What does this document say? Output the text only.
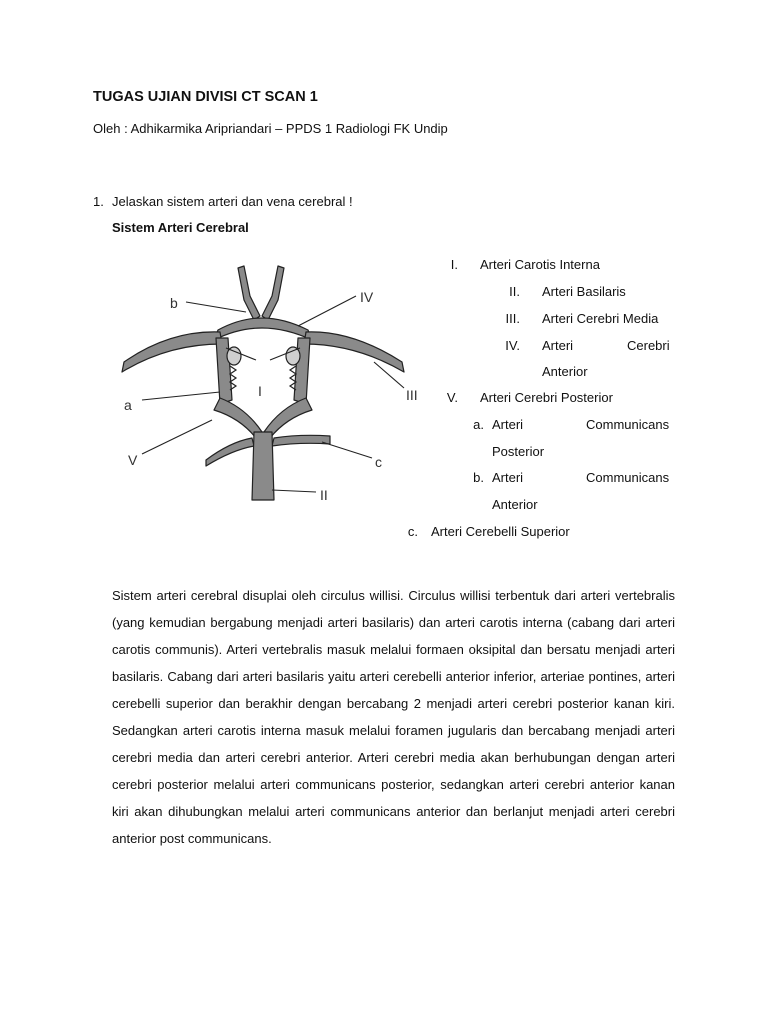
TUGAS UJIAN DIVISI CT SCAN 1
Oleh : Adhikarmika Aripriandari – PPDS 1 Radiologi FK Undip
1. Jelaskan sistem arteri dan vena cerebral !
Sistem Arteri Cerebral
b	IV
I	III
a
V	c
II
I. Arteri Carotis Interna
II. Arteri Basilaris
III. Arteri Cerebri Media
IV. Arteri	Cerebri
Anterior
V. Arteri Cerebri Posterior
a. Arteri	Communicans
Posterior
b. Arteri	Communicans
Anterior
c. Arteri Cerebelli Superior

Sistem arteri cerebral disuplai oleh circulus willisi. Circulus willisi terbentuk dari arteri vertebralis (yang kemudian bergabung menjadi arteri basilaris) dan arteri carotis interna (cabang dari arteri carotis communis). Arteri vertebralis masuk melalui formaen oksipital dan bersatu menjadi arteri basilaris. Cabang dari arteri basilaris yaitu arteri cerebelli anterior inferior, arteriae pontines, arteri cerebelli superior dan berakhir dengan bercabang 2 menjadi arteri cerebri posterior kanan kiri. Sedangkan arteri carotis interna masuk melalui foramen jugularis dan bercabang menjadi arteri cerebri media dan arteri cerebri anterior. Arteri cerebri media akan berhubungan dengan arteri cerebri posterior melalui arteri communicans posterior, sedangkan arteri cerebri anterior kanan kiri akan dihubungkan melalui arteri communicans anterior dan berlanjut menjadi arteri cerebri anterior post communicans.
